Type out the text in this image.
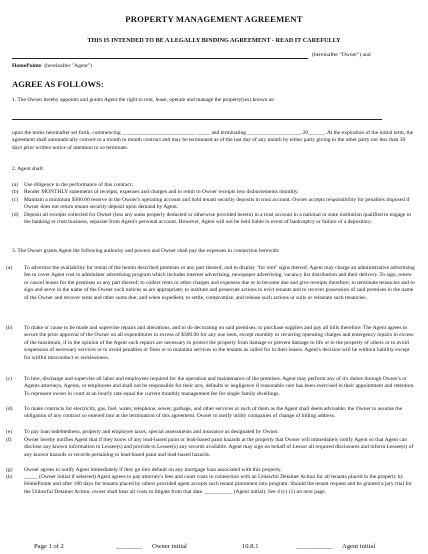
PROPERTY MANAGEMENT AGREEMENT
THIS IS INTENDED TO BE A LEGALLY BINDING AGREEMENT - READ IT CAREFULLY
(hereinafter "Owner") and
HomePointe (hereinafter "Agent")
AGREE AS FOLLOWS:

1. The Owner hereby appoints and grants Agent the right to rent, lease, operate and manage the property(ies) known as:

upon the terms hereinafter set forth, commencing __________________________, _____ and terminating ___________________, 20______. At the expiration of the initial term, the agreement shall automatically convert to a month to month contract and may be terminated as of the last day of any month by either party giving to the other party not less than 30 days prior written notice of intention to so terminate.

2. Agent shall:

(a) Use diligence in the performance of this contract;
(b) Render MONTHLY statements of receipts, expenses and charges and to remit to Owner receipts less disbursements monthly.
(c) Maintain a minimum $300.00 reserve in the Owner's operating account and hold tenant security deposits in trust account. Owner accepts responsibility for penalties imposed if Owner does not return tenant security deposit upon demand by Agent.
(d) Deposit all receipts collected for Owner (less any sums properly deducted or otherwise provided herein) in a trust account in a national or state institution qualified to engage in the banking or trust business, separate from Agent's personal account. However, Agent will not be held liable in event of bankruptcy or failure of a depository.

3. The Owner grants Agent the following authority and powers and Owner shall pay the expenses in connection herewith:

(a) To advertise the availability for rental of the herein described premises or any part thereof, and to display "for rent" signs thereof. Agent may charge an administrative advertising fee to cover Agent cost to administer advertising program which includes internet advertising, newspaper advertising, vacancy list distribution and their delivery. To sign, renew or cancel leases for the premises or any part thereof; to collect rents or other charges and expenses due or to become due and give receipts therefore; to terminate tenancies and to sign and serve in the name of the Owner such notices as are appropriate; to institute and prosecute actions to evict tenants and to recover possession of said premises in the name of the Owner and recover rents and other sums due; and when expedient, to settle, compromise, and release such actions or suits or reinstate such tenancies.
(b) To make or cause to be made and supervise repairs and alterations, and to do decorating on said premises; to purchase supplies and pay all bills therefore. The Agent agrees to secure the prior approval of the Owner on all expenditures in excess of $300.00 for any one item, except monthly or recurring operating charges and emergency repairs in excess of the maximum, if in the opinion of the Agent such repairs are necessary to protect the property from damage or prevent damage to life or to the property of others or to avoid suspension of necessary services or to avoid penalties or fines or to maintain services to the tenants as called for in their leases. Agent's decision will be without liability except for willful misconduct or recklessness.
(c) To hire, discharge and supervise all labor and employees required for the operation and maintenance of the premises. Agent may perform any of it's duties through Owner's or Agents attorneys, Agents, or employees and shall not be responsible for their acts, defaults or negligence if reasonable care has been exercised in their appointment and retention. To represent owner in court at an hourly rate equal the current monthly management fee for single family dwellings.
(d) To make contracts for electricity, gas, fuel, water, telephone, sewer, garbage, and other services or such of them as the Agent shall deem advisable; the Owner to assume the obligation of any contract so entered into at the termination of this agreement. Owner to notify utility companies of change of billing address.
(e) To pay loan indebtedness, property and employee taxes, special assessments and insurance as designated by Owner.
(f) Owner hereby notifies Agent that if they know of any lead-based paint or lead-based paint hazards at the property that Owner will immediately notify Agent so that Agent can disclose any known information to Lessee(s) and provide to Lessee(s) any records available. Agent may sign on behalf of Lessor all required disclosures and inform Lessee(s) of any known hazards or records pertaining to lead-based paint and lead-based hazards.
(g) Owner agrees to notify Agent immediately if they go into default on any mortgage loan associated with this property.
(h) _____ (Owner initial if selected) Agent agrees to pay attorney's fees and court costs in connection with an Unlawful Detainer Action for all tenants placed in the property by HomePointe and after 180 days for tenants placed by others provided agent accepts such tenant placement into program. Should the tenant request and be granted a jury trial for the Unlawful Detainer Action, owner shall bear all costs to litigate from that date. __________ (Agent initial). See 4 (c) (1) on next page.
Page 1 of 2	________ Owner initial	10.8.1	___________ Agent initial
